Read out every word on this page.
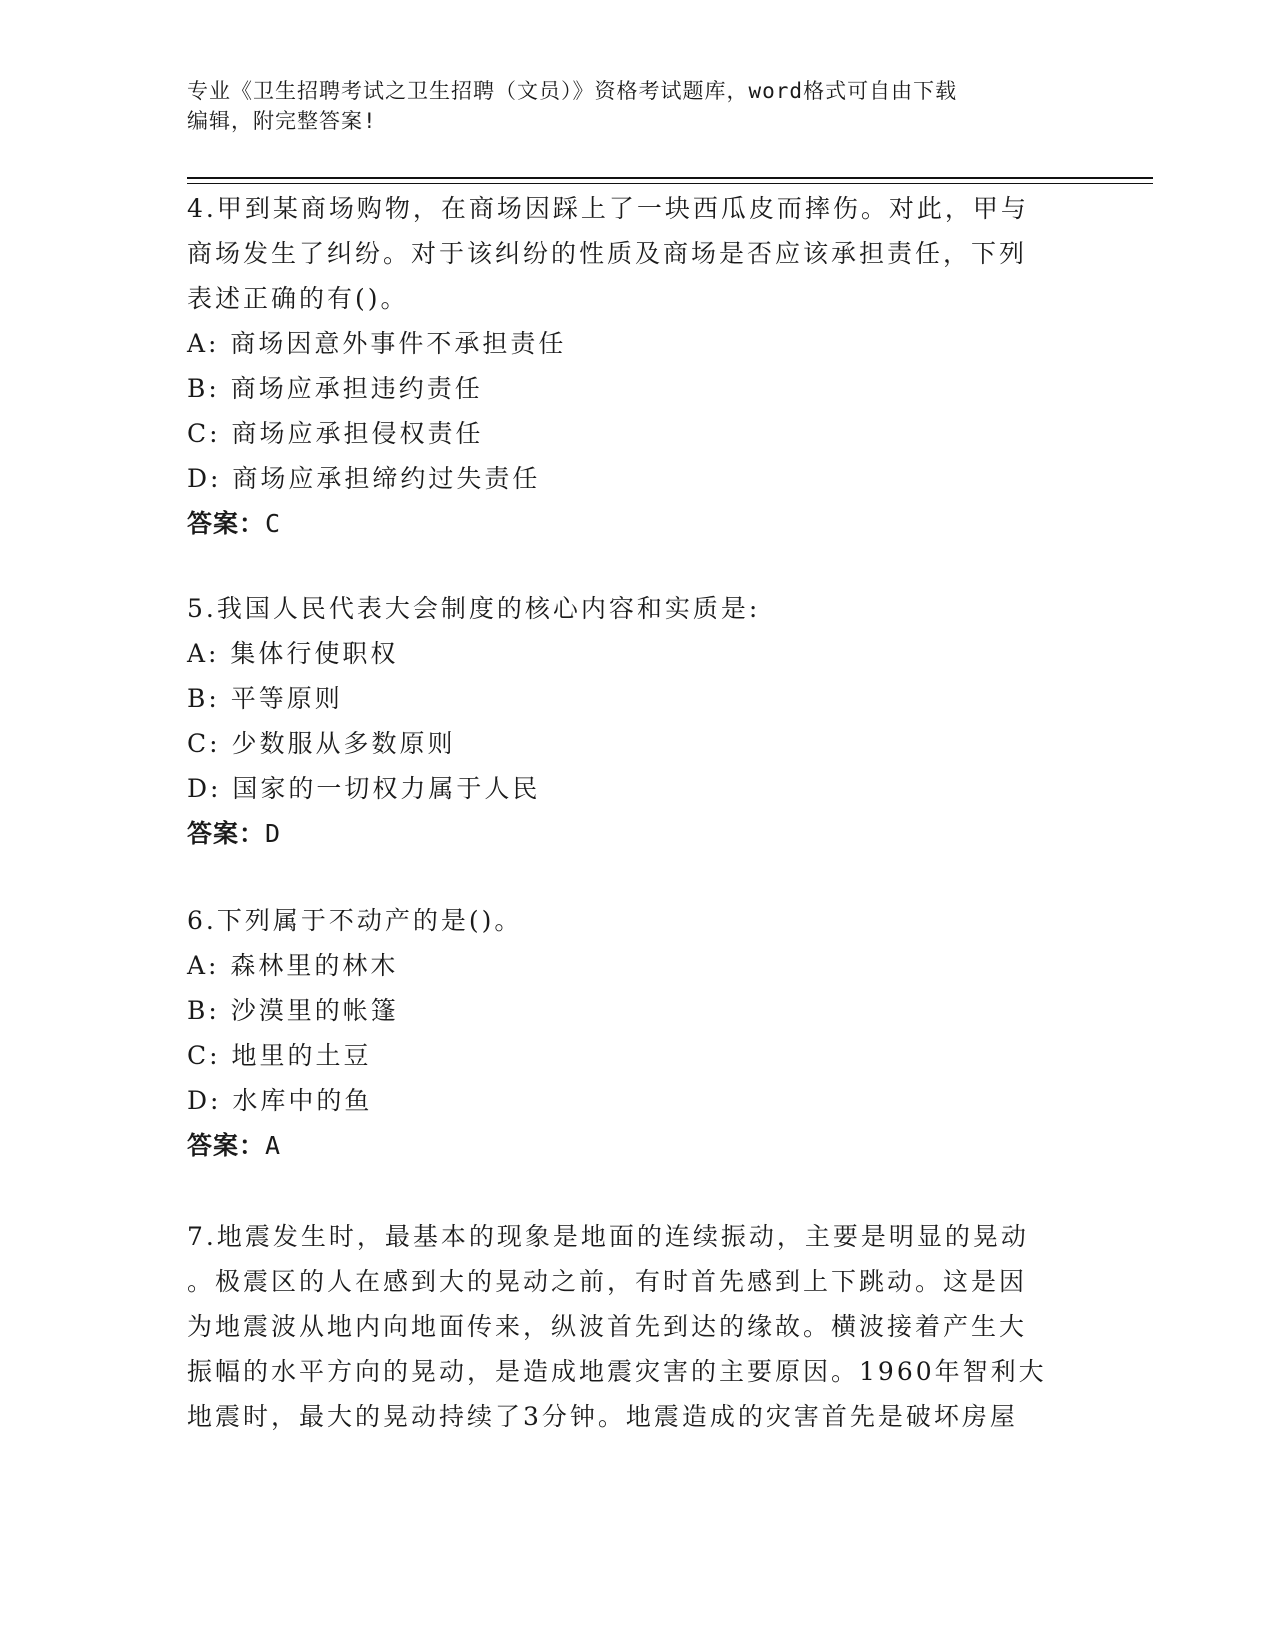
专业《卫生招聘考试之卫生招聘（文员）》资格考试题库，word格式可自由下载
编辑，附完整答案!

4.甲到某商场购物，在商场因踩上了一块西瓜皮而摔伤。对此，甲与

商场发生了纠纷。对于该纠纷的性质及商场是否应该承担责任，下列

表述正确的有()。

A: 商场因意外事件不承担责任

B: 商场应承担违约责任

C: 商场应承担侵权责任

D: 商场应承担缔约过失责任

答案：C

5.我国人民代表大会制度的核心内容和实质是:

A: 集体行使职权

B: 平等原则

C: 少数服从多数原则

D: 国家的一切权力属于人民

答案：D

6.下列属于不动产的是()。

A: 森林里的林木

B: 沙漠里的帐篷

C: 地里的土豆

D: 水库中的鱼

答案：A

7.地震发生时，最基本的现象是地面的连续振动，主要是明显的晃动

。极震区的人在感到大的晃动之前，有时首先感到上下跳动。这是因

为地震波从地内向地面传来，纵波首先到达的缘故。横波接着产生大

振幅的水平方向的晃动，是造成地震灾害的主要原因。1960年智利大

地震时，最大的晃动持续了3分钟。地震造成的灾害首先是破坏房屋
